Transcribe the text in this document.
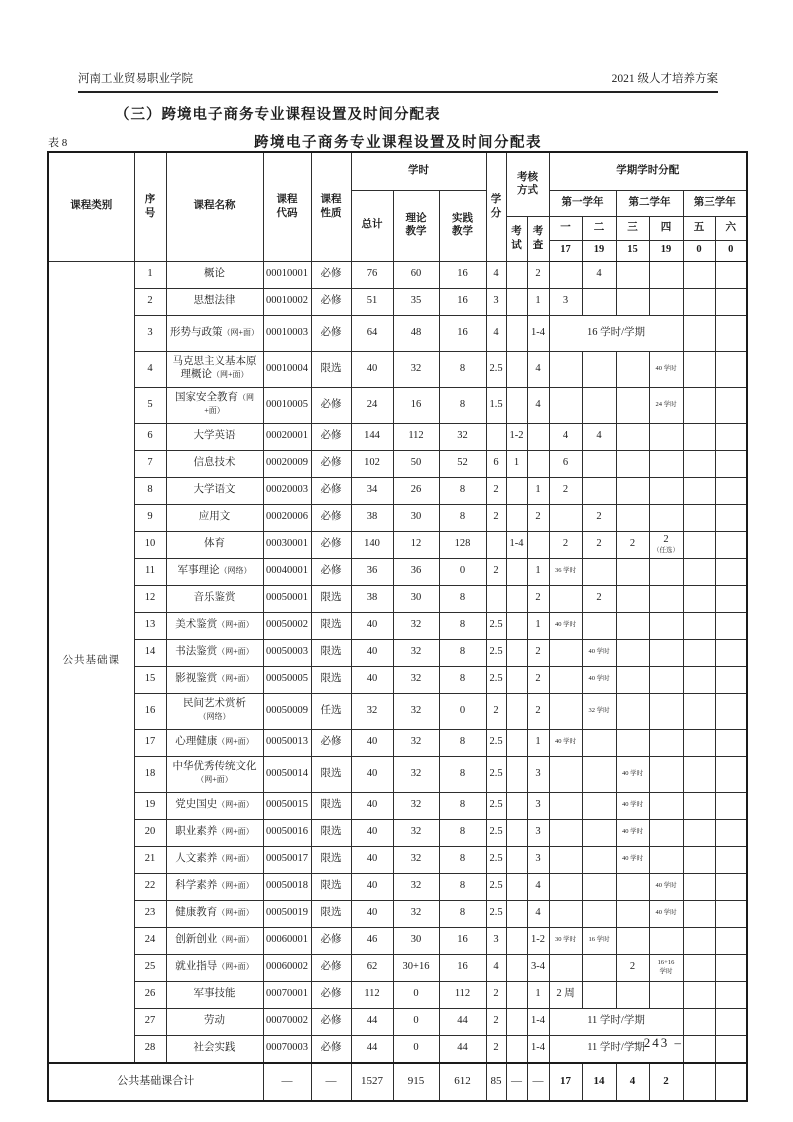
河南工业贸易职业学院	2021 级人才培养方案
（三）跨境电子商务专业课程设置及时间分配表
跨境电子商务专业课程设置及时间分配表
表 8
课程类别	序号	课程名称	课程代码	课程性质	学时			学分	考核方式		学期学时分配					
					总计	理论教学	实践教学				第一学年		第二学年		第三学年	
									考试	考查	一	二	三	四	五	六
											17	19	15	19	0	0
公共基础课	1	概论	00010001	必修	76	60	16	4		2		4				
	2	思想法律	00010002	必修	51	35	16	3		1	3					
	3	形势与政策（网+面）	00010003	必修	64	48	16	4		1-4	16 学时/学期					
	4	马克思主义基本原理概论（网+面）	00010004	限选	40	32	8	2.5		4				40 学时		

	5	国家安全教育（网+面）	00010005	必修	24	16	8	1.5		4				24 学时		

	6	大学英语	00020001	必修	144	112	32		1-2		4	4				
	7	信息技术	00020009	必修	102	50	52	6	1		6					
	8	大学语文	00020003	必修	34	26	8	2		1	2					
	9	应用文	00020006	必修	38	30	8	2		2		2				
	10	体育	00030001	必修	140	12	128		1-4		2	2	2	2
（任选）		

	11	军事理论（网络）	00040001	必修	36	36	0	2		1	36 学时					

	12	音乐鉴赏	00050001	限选	38	30	8			2		2				
	13	美术鉴赏（网+面）	00050002	限选	40	32	8	2.5		1	40 学时					

	14	书法鉴赏（网+面）	00050003	限选	40	32	8	2.5		2		40 学时				

	15	影视鉴赏（网+面）	00050005	限选	40	32	8	2.5		2		40 学时				

	16	民间艺术赏析（网络）	00050009	任选	32	32	0	2		2		32 学时				

	17	心理健康（网+面）	00050013	必修	40	32	8	2.5		1	40 学时					

	18	中华优秀传统文化（网+面）	00050014	限选	40	32	8	2.5		3			40 学时			

	19	党史国史（网+面）	00050015	限选	40	32	8	2.5		3			40 学时			

	20	职业素养（网+面）	00050016	限选	40	32	8	2.5		3			40 学时			

	21	人文素养（网+面）	00050017	限选	40	32	8	2.5		3			40 学时			

	22	科学素养（网+面）	00050018	限选	40	32	8	2.5		4				40 学时		

	23	健康教育（网+面）	00050019	限选	40	32	8	2.5		4				40 学时		

	24	创新创业（网+面）	00060001	必修	46	30	16	3		1-2	30 学时	16 学时				

	25	就业指导（网+面）	00060002	必修	62	30+16	16	4		3-4			2	16+16
学时		

	26	军事技能	00070001	必修	112	0	112	2		1	2 周					
	27	劳动	00070002	必修	44	0	44	2		1-4	11 学时/学期					
	28	社会实践	00070003	必修	44	0	44	2		1-4	11 学时/学期					
公共基础课合计			—	—	1527	915	612	85	—	—	17	14	4	2		
– 243 –
